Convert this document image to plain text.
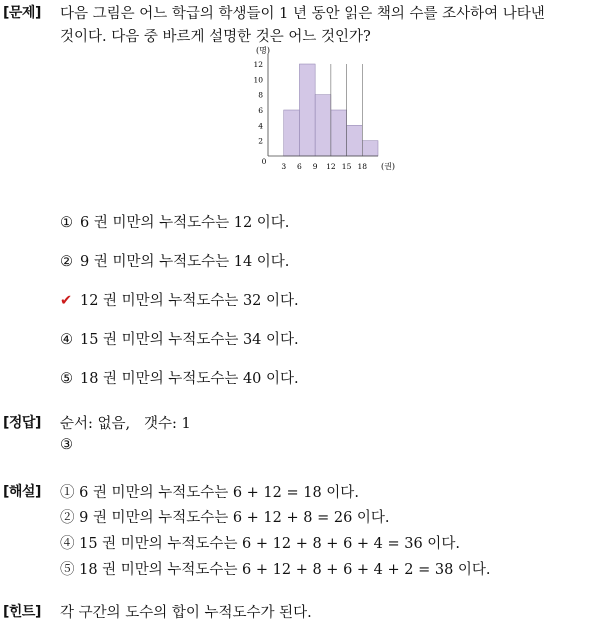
[문제] 다음 그림은 어느 학급의 학생들이 1 년 동안 읽은 책의 수를 조사하여 나타낸
것이다. 다음 중 바르게 설명한 것은 어느 것인가?
(명)
(권)
0
3 6 9 12 15 18
2
4
6
8
10
12
① 6 권 미만의 누적도수는 12 이다.
② 9 권 미만의 누적도수는 14 이다.
✔ 12 권 미만의 누적도수는 32 이다.
④ 15 권 미만의 누적도수는 34 이다.
⑤ 18 권 미만의 누적도수는 40 이다.
[정답] 순서: 없음,   갯수: 1
③
[해설] ① 6 권 미만의 누적도수는 6 + 12 = 18 이다.
② 9 권 미만의 누적도수는 6 + 12 + 8 = 26 이다.
④ 15 권 미만의 누적도수는 6 + 12 + 8 + 6 + 4 = 36 이다.
⑤ 18 권 미만의 누적도수는 6 + 12 + 8 + 6 + 4 + 2 = 38 이다.
[힌트] 각 구간의 도수의 합이 누적도수가 된다.
